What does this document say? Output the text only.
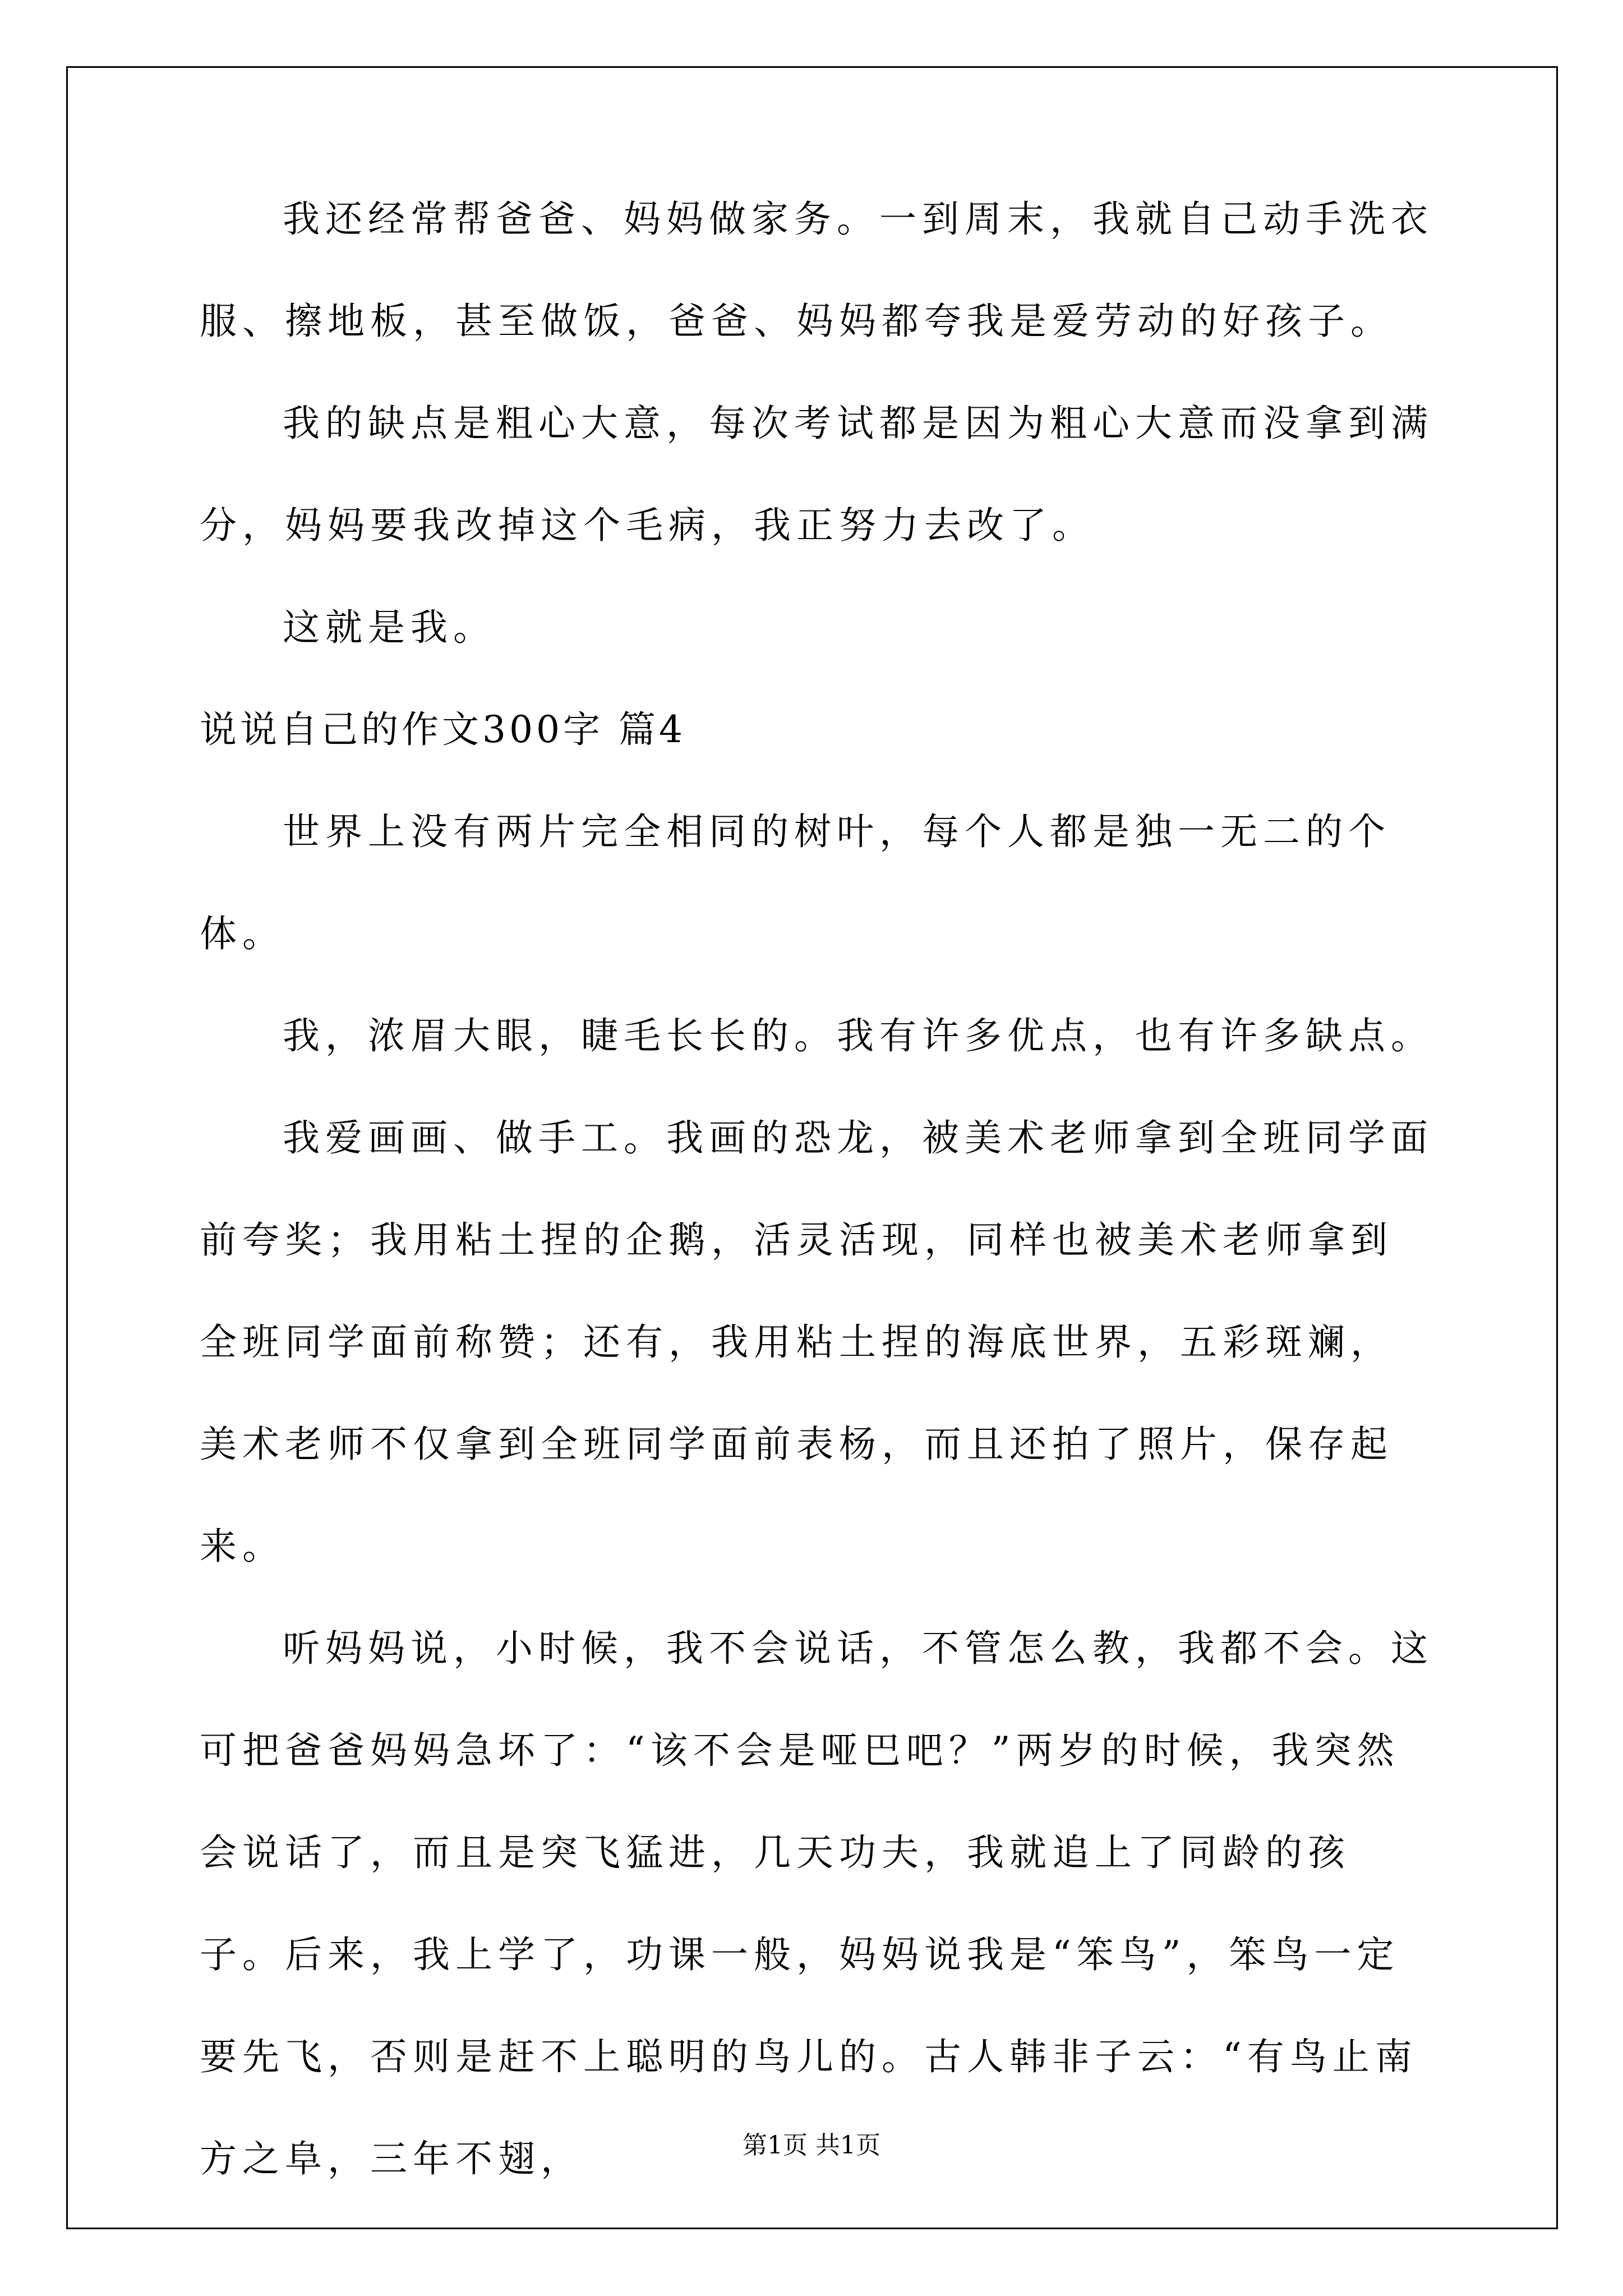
我还经常帮爸爸、妈妈做家务。一到周末，我就自己动手洗衣服、擦地板，甚至做饭，爸爸、妈妈都夸我是爱劳动的好孩子。

我的缺点是粗心大意，每次考试都是因为粗心大意而没拿到满分，妈妈要我改掉这个毛病，我正努力去改了。

这就是我。

说说自己的作文300字 篇4

世界上没有两片完全相同的树叶，每个人都是独一无二的个体。

我，浓眉大眼，睫毛长长的。我有许多优点，也有许多缺点。

我爱画画、做手工。我画的恐龙，被美术老师拿到全班同学面前夸奖；我用粘土捏的企鹅，活灵活现，同样也被美术老师拿到全班同学面前称赞；还有，我用粘土捏的海底世界，五彩斑斓，美术老师不仅拿到全班同学面前表杨，而且还拍了照片，保存起来。

听妈妈说，小时候，我不会说话，不管怎么教，我都不会。这可把爸爸妈妈急坏了：“该不会是哑巴吧？”两岁的时候，我突然会说话了，而且是突飞猛进，几天功夫，我就追上了同龄的孩子。后来，我上学了，功课一般，妈妈说我是“笨鸟”，笨鸟一定要先飞，否则是赶不上聪明的鸟儿的。古人韩非子云：“有鸟止南方之阜，三年不翅，	第1页 共1页
